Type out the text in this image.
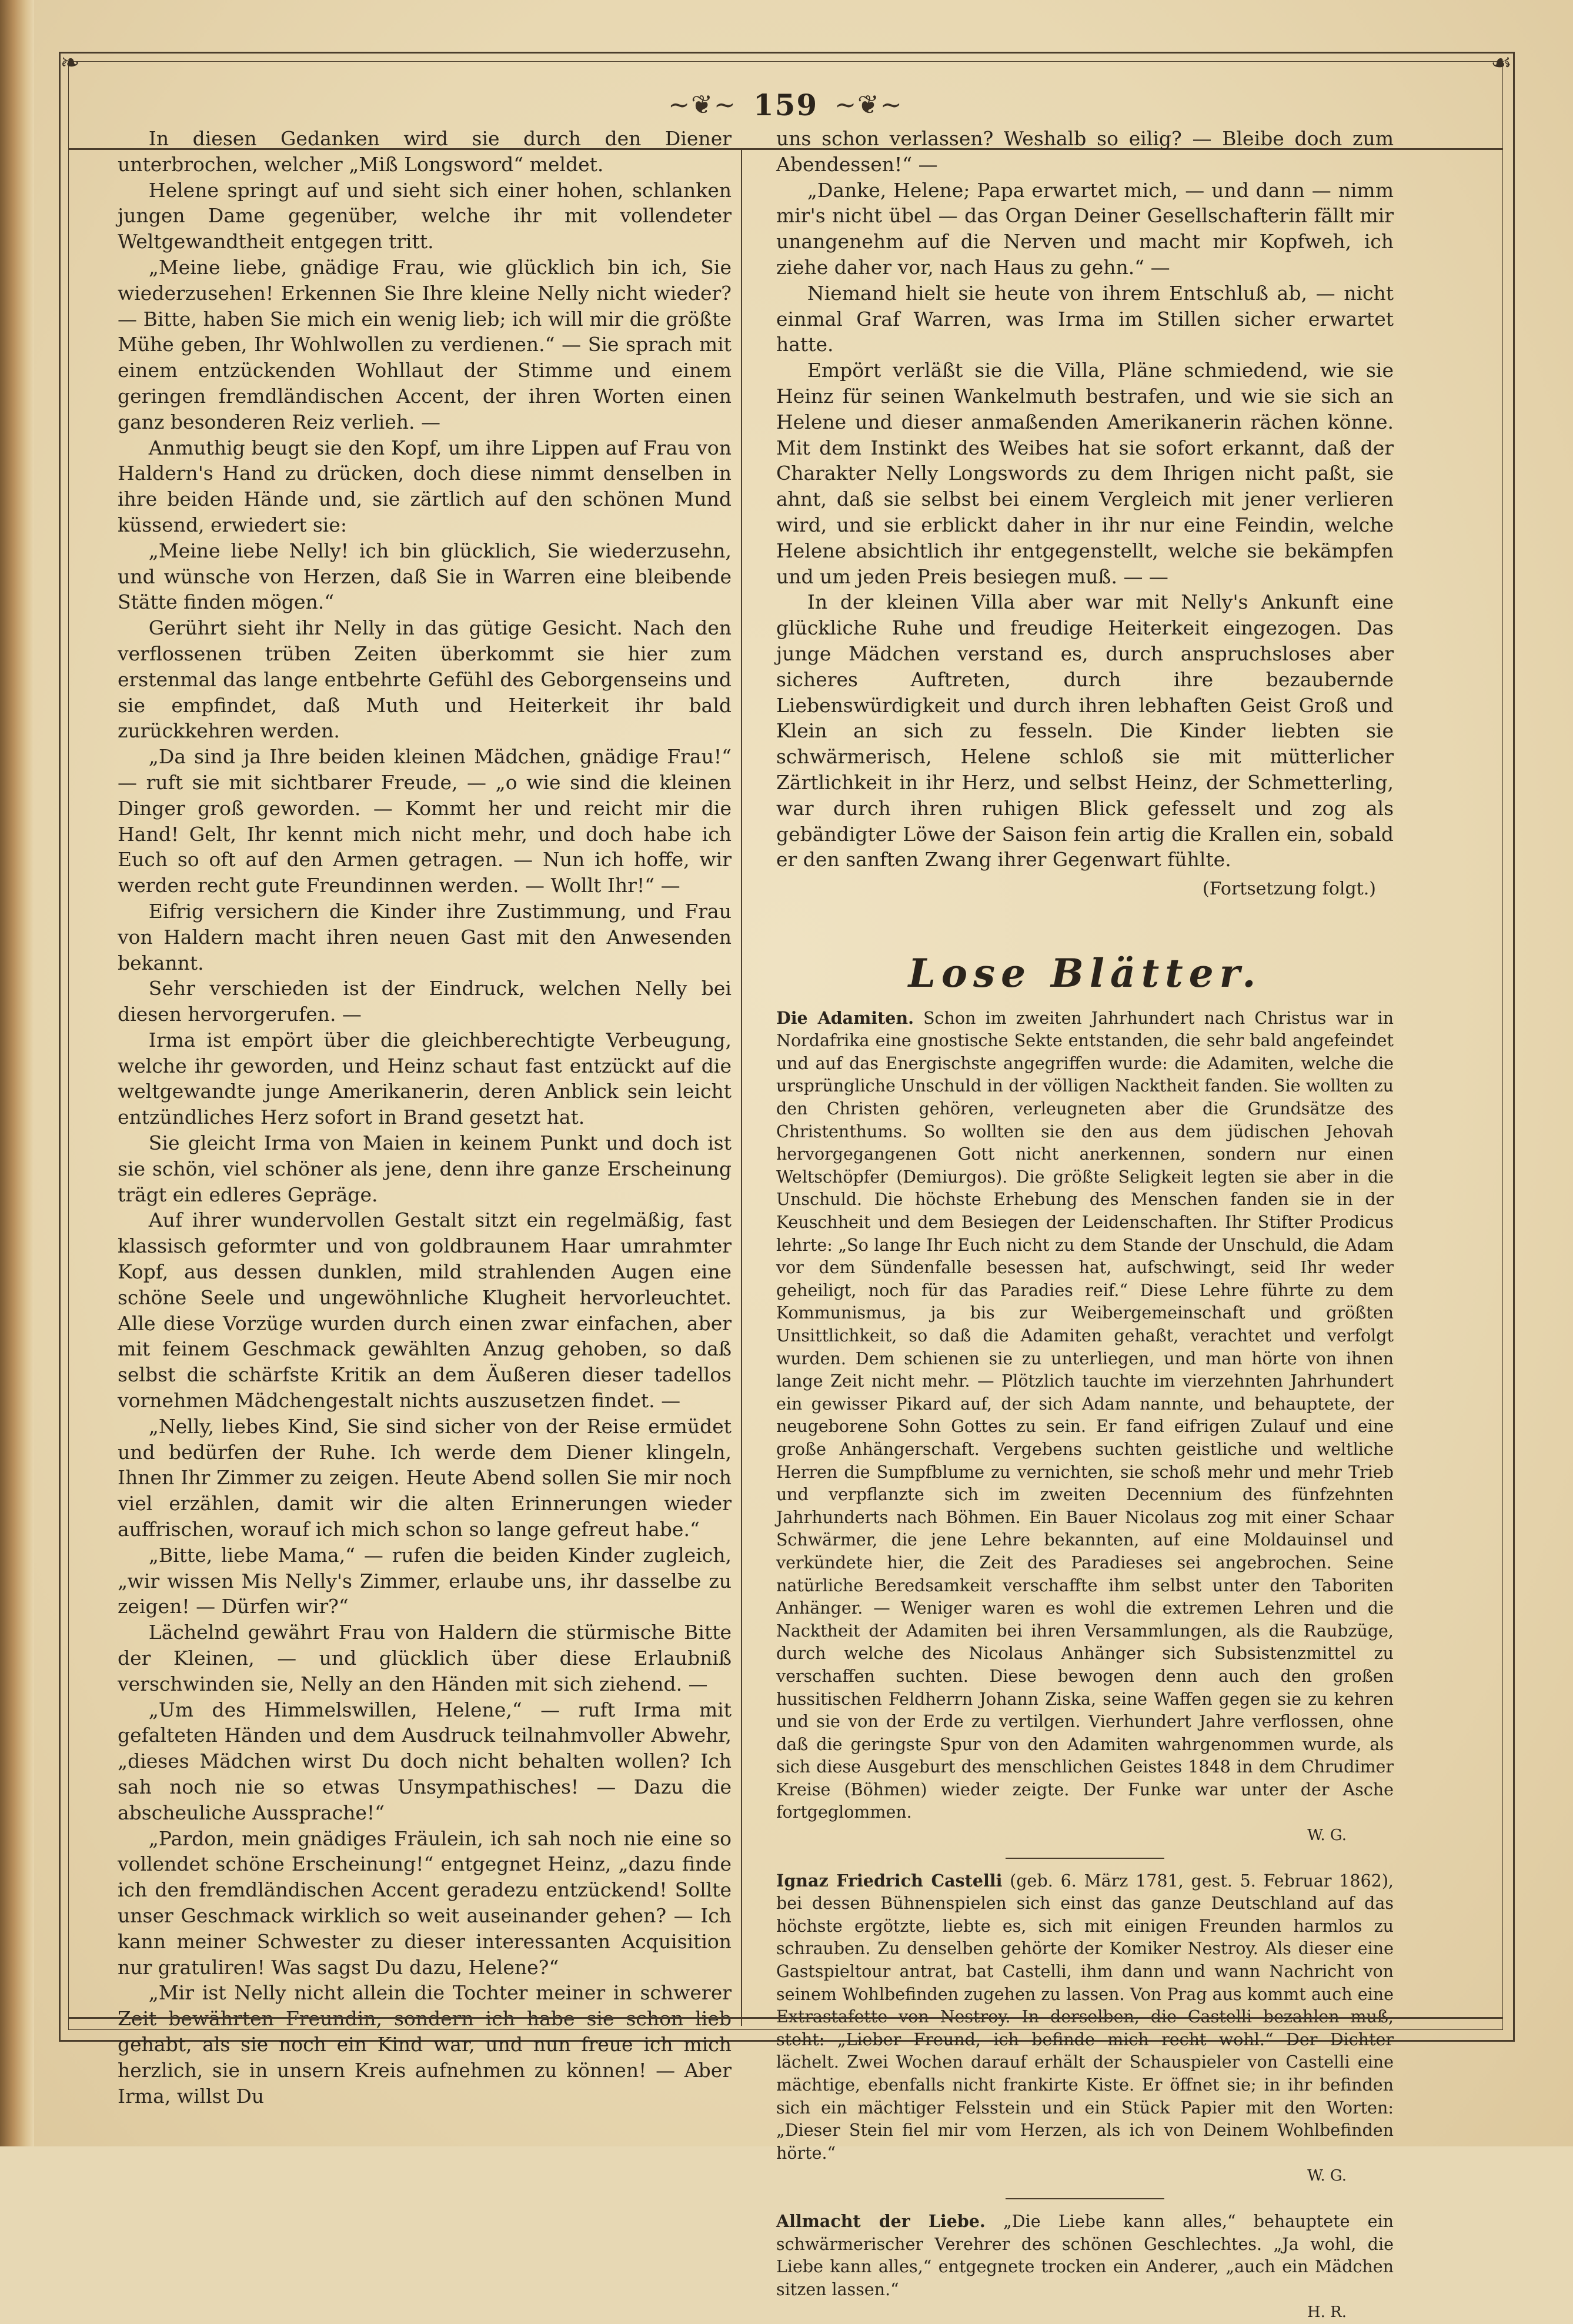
❧	☙
~❦~ 159 ~❦~

In diesen Gedanken wird sie durch den Diener unterbrochen, welcher „Miß Longsword“ meldet.

Helene springt auf und sieht sich einer hohen, schlanken jungen Dame gegenüber, welche ihr mit vollendeter Weltgewandtheit entgegen tritt.

„Meine liebe, gnädige Frau, wie glücklich bin ich, Sie wiederzusehen! Erkennen Sie Ihre kleine Nelly nicht wieder? — Bitte, haben Sie mich ein wenig lieb; ich will mir die größte Mühe geben, Ihr Wohlwollen zu verdienen.“ — Sie sprach mit einem entzückenden Wohllaut der Stimme und einem geringen fremdländischen Accent, der ihren Worten einen ganz besonderen Reiz verlieh. —

Anmuthig beugt sie den Kopf, um ihre Lippen auf Frau von Haldern's Hand zu drücken, doch diese nimmt denselben in ihre beiden Hände und, sie zärtlich auf den schönen Mund küssend, erwiedert sie:

„Meine liebe Nelly! ich bin glücklich, Sie wiederzusehn, und wünsche von Herzen, daß Sie in Warren eine bleibende Stätte finden mögen.“

Gerührt sieht ihr Nelly in das gütige Gesicht. Nach den verflossenen trüben Zeiten überkommt sie hier zum erstenmal das lange entbehrte Gefühl des Geborgenseins und sie empfindet, daß Muth und Heiterkeit ihr bald zurückkehren werden.

„Da sind ja Ihre beiden kleinen Mädchen, gnädige Frau!“ — ruft sie mit sichtbarer Freude, — „o wie sind die kleinen Dinger groß geworden. — Kommt her und reicht mir die Hand! Gelt, Ihr kennt mich nicht mehr, und doch habe ich Euch so oft auf den Armen getragen. — Nun ich hoffe, wir werden recht gute Freundinnen werden. — Wollt Ihr!“ —

Eifrig versichern die Kinder ihre Zustimmung, und Frau von Haldern macht ihren neuen Gast mit den Anwesenden bekannt.

Sehr verschieden ist der Eindruck, welchen Nelly bei diesen hervorgerufen. —

Irma ist empört über die gleichberechtigte Verbeugung, welche ihr geworden, und Heinz schaut fast entzückt auf die weltgewandte junge Amerikanerin, deren Anblick sein leicht entzündliches Herz sofort in Brand gesetzt hat.

Sie gleicht Irma von Maien in keinem Punkt und doch ist sie schön, viel schöner als jene, denn ihre ganze Erscheinung trägt ein edleres Gepräge.

Auf ihrer wundervollen Gestalt sitzt ein regelmäßig, fast klassisch geformter und von goldbraunem Haar umrahmter Kopf, aus dessen dunklen, mild strahlenden Augen eine schöne Seele und ungewöhnliche Klugheit hervorleuchtet. Alle diese Vorzüge wurden durch einen zwar einfachen, aber mit feinem Geschmack gewählten Anzug gehoben, so daß selbst die schärfste Kritik an dem Äußeren dieser tadellos vornehmen Mädchengestalt nichts auszusetzen findet. —

„Nelly, liebes Kind, Sie sind sicher von der Reise ermüdet und bedürfen der Ruhe. Ich werde dem Diener klingeln, Ihnen Ihr Zimmer zu zeigen. Heute Abend sollen Sie mir noch viel erzählen, damit wir die alten Erinnerungen wieder auffrischen, worauf ich mich schon so lange gefreut habe.“

„Bitte, liebe Mama,“ — rufen die beiden Kinder zugleich, „wir wissen Mis Nelly's Zimmer, erlaube uns, ihr dasselbe zu zeigen! — Dürfen wir?“

Lächelnd gewährt Frau von Haldern die stürmische Bitte der Kleinen, — und glücklich über diese Erlaubniß verschwinden sie, Nelly an den Händen mit sich ziehend. —

„Um des Himmelswillen, Helene,“ — ruft Irma mit gefalteten Händen und dem Ausdruck teilnahmvoller Abwehr, „dieses Mädchen wirst Du doch nicht behalten wollen? Ich sah noch nie so etwas Unsympathisches! — Dazu die abscheuliche Aussprache!“

„Pardon, mein gnädiges Fräulein, ich sah noch nie eine so vollendet schöne Erscheinung!“ entgegnet Heinz, „dazu finde ich den fremdländischen Accent geradezu entzückend! Sollte unser Geschmack wirklich so weit auseinander gehen? — Ich kann meiner Schwester zu dieser interessanten Acquisition nur gratuliren! Was sagst Du dazu, Helene?“

„Mir ist Nelly nicht allein die Tochter meiner in schwerer Zeit bewährten Freundin, sondern ich habe sie schon lieb gehabt, als sie noch ein Kind war, und nun freue ich mich herzlich, sie in unsern Kreis aufnehmen zu können! — Aber Irma, willst Du

uns schon verlassen? Weshalb so eilig? — Bleibe doch zum Abendessen!“ —

„Danke, Helene; Papa erwartet mich, — und dann — nimm mir's nicht übel — das Organ Deiner Gesellschafterin fällt mir unangenehm auf die Nerven und macht mir Kopfweh, ich ziehe daher vor, nach Haus zu gehn.“ —

Niemand hielt sie heute von ihrem Entschluß ab, — nicht einmal Graf Warren, was Irma im Stillen sicher erwartet hatte.

Empört verläßt sie die Villa, Pläne schmiedend, wie sie Heinz für seinen Wankelmuth bestrafen, und wie sie sich an Helene und dieser anmaßenden Amerikanerin rächen könne. Mit dem Instinkt des Weibes hat sie sofort erkannt, daß der Charakter Nelly Longswords zu dem Ihrigen nicht paßt, sie ahnt, daß sie selbst bei einem Vergleich mit jener verlieren wird, und sie erblickt daher in ihr nur eine Feindin, welche Helene absichtlich ihr entgegenstellt, welche sie bekämpfen und um jeden Preis besiegen muß. — —

In der kleinen Villa aber war mit Nelly's Ankunft eine glückliche Ruhe und freudige Heiterkeit eingezogen. Das junge Mädchen verstand es, durch anspruchsloses aber sicheres Auftreten, durch ihre bezaubernde Liebenswürdigkeit und durch ihren lebhaften Geist Groß und Klein an sich zu fesseln. Die Kinder liebten sie schwärmerisch, Helene schloß sie mit mütterlicher Zärtlichkeit in ihr Herz, und selbst Heinz, der Schmetterling, war durch ihren ruhigen Blick gefesselt und zog als gebändigter Löwe der Saison fein artig die Krallen ein, sobald er den sanften Zwang ihrer Gegenwart fühlte.

(Fortsetzung folgt.)
Lose Blätter.

Die Adamiten. Schon im zweiten Jahrhundert nach Christus war in Nordafrika eine gnostische Sekte entstanden, die sehr bald angefeindet und auf das Energischste angegriffen wurde: die Adamiten, welche die ursprüngliche Unschuld in der völligen Nacktheit fanden. Sie wollten zu den Christen gehören, verleugneten aber die Grundsätze des Christenthums. So wollten sie den aus dem jüdischen Jehovah hervorgegangenen Gott nicht anerkennen, sondern nur einen Weltschöpfer (Demiurgos). Die größte Seligkeit legten sie aber in die Unschuld. Die höchste Erhebung des Menschen fanden sie in der Keuschheit und dem Besiegen der Leidenschaften. Ihr Stifter Prodicus lehrte: „So lange Ihr Euch nicht zu dem Stande der Unschuld, die Adam vor dem Sündenfalle besessen hat, aufschwingt, seid Ihr weder geheiligt, noch für das Paradies reif.“ Diese Lehre führte zu dem Kommunismus, ja bis zur Weibergemeinschaft und größten Unsittlichkeit, so daß die Adamiten gehaßt, verachtet und verfolgt wurden. Dem schienen sie zu unterliegen, und man hörte von ihnen lange Zeit nicht mehr. — Plötzlich tauchte im vierzehnten Jahrhundert ein gewisser Pikard auf, der sich Adam nannte, und behauptete, der neugeborene Sohn Gottes zu sein. Er fand eifrigen Zulauf und eine große Anhängerschaft. Vergebens suchten geistliche und weltliche Herren die Sumpfblume zu vernichten, sie schoß mehr und mehr Trieb und verpflanzte sich im zweiten Decennium des fünfzehnten Jahrhunderts nach Böhmen. Ein Bauer Nicolaus zog mit einer Schaar Schwärmer, die jene Lehre bekannten, auf eine Moldauinsel und verkündete hier, die Zeit des Paradieses sei angebrochen. Seine natürliche Beredsamkeit verschaffte ihm selbst unter den Taboriten Anhänger. — Weniger waren es wohl die extremen Lehren und die Nacktheit der Adamiten bei ihren Versammlungen, als die Raubzüge, durch welche des Nicolaus Anhänger sich Subsistenzmittel zu verschaffen suchten. Diese bewogen denn auch den großen hussitischen Feldherrn Johann Ziska, seine Waffen gegen sie zu kehren und sie von der Erde zu vertilgen. Vierhundert Jahre verflossen, ohne daß die geringste Spur von den Adamiten wahrgenommen wurde, als sich diese Ausgeburt des menschlichen Geistes 1848 in dem Chrudimer Kreise (Böhmen) wieder zeigte. Der Funke war unter der Asche fortgeglommen.

W. G.

Ignaz Friedrich Castelli (geb. 6. März 1781, gest. 5. Februar 1862), bei dessen Bühnenspielen sich einst das ganze Deutschland auf das höchste ergötzte, liebte es, sich mit einigen Freunden harmlos zu schrauben. Zu denselben gehörte der Komiker Nestroy. Als dieser eine Gastspieltour antrat, bat Castelli, ihm dann und wann Nachricht von seinem Wohlbefinden zugehen zu lassen. Von Prag aus kommt auch eine Extrastafette von Nestroy. In derselben, die Castelli bezahlen muß, steht: „Lieber Freund, ich befinde mich recht wohl.“ Der Dichter lächelt. Zwei Wochen darauf erhält der Schauspieler von Castelli eine mächtige, ebenfalls nicht frankirte Kiste. Er öffnet sie; in ihr befinden sich ein mächtiger Felsstein und ein Stück Papier mit den Worten: „Dieser Stein fiel mir vom Herzen, als ich von Deinem Wohlbefinden hörte.“

W. G.

Allmacht der Liebe. „Die Liebe kann alles,“ behauptete ein schwärmerischer Verehrer des schönen Geschlechtes. „Ja wohl, die Liebe kann alles,“ entgegnete trocken ein Anderer, „auch ein Mädchen sitzen lassen.“

H. R.
